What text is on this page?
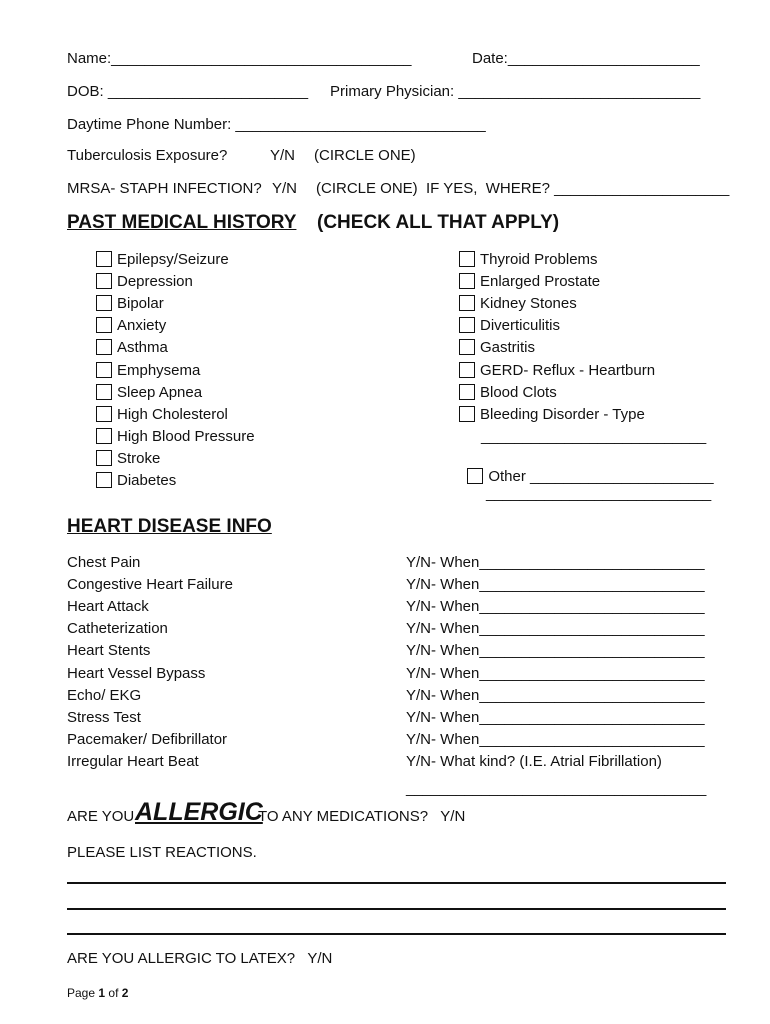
Name:____________________________________	Date:_______________________
DOB: ________________________ Primary Physician: _____________________________
Daytime Phone Number: ______________________________
Tuberculosis Exposure?	Y/N (CIRCLE ONE)
MRSA- STAPH INFECTION? Y/N (CIRCLE ONE)  IF YES,  WHERE? _____________________
PAST MEDICAL HISTORY (CHECK ALL THAT APPLY)
Epilepsy/Seizure
Depression
Bipolar
Anxiety
Asthma
Emphysema
Sleep Apnea
High Cholesterol
High Blood Pressure
Stroke
Diabetes
Thyroid Problems
Enlarged Prostate
Kidney Stones
Diverticulitis
Gastritis
GERD- Reflux - Heartburn
Blood Clots
Bleeding Disorder - Type
___________________________

Other ______________________

___________________________
HEART DISEASE INFO
Chest Pain	Y/N- When___________________________
Congestive Heart Failure	Y/N- When___________________________
Heart Attack	Y/N- When___________________________
Catheterization	Y/N- When___________________________
Heart Stents	Y/N- When___________________________
Heart Vessel Bypass	Y/N- When___________________________
Echo/ EKG	Y/N- When___________________________
Stress Test	Y/N- When___________________________
Pacemaker/ Defibrillator	Y/N- When___________________________
Irregular Heart Beat	Y/N- What kind? (I.E. Atrial Fibrillation)
____________________________________
ARE YOU ALLERGIC
TO ANY MEDICATIONS?   Y/N
PLEASE LIST REACTIONS.
ARE YOU ALLERGIC TO LATEX?   Y/N
Page 1 of 2
